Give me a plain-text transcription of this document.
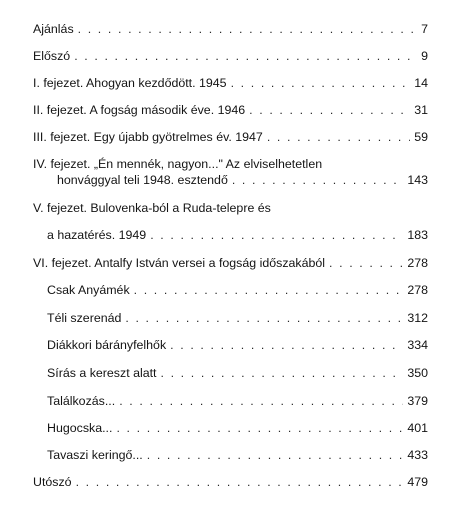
Ajánlás . . .	7
Előszó . . .	9
I. fejezet. Ahogyan kezdődött. 1945 . . .	14
II. fejezet. A fogság második éve. 1946 . . .	31
III. fejezet. Egy újabb gyötrelmes év. 1947 . . .	59
IV. fejezet. „Én mennék, nagyon..." Az elviselhetetlen
honvággyal teli 1948. esztendő . . .	143
V. fejezet. Bulovenka-ból a Ruda-telepre és
a hazatérés. 1949 . . .	183
VI. fejezet. Antalfy István versei a fogság időszakából . . .	278
Csak Anyámék . . .	278
Téli szerenád . . .	312
Diákkori bárányfelhők . . .	334
Sírás a kereszt alatt . . .	350
Találkozás... . . .	379
Hugocska... . . .	401
Tavaszi keringő... . . .	433
Utószó . . .	479
